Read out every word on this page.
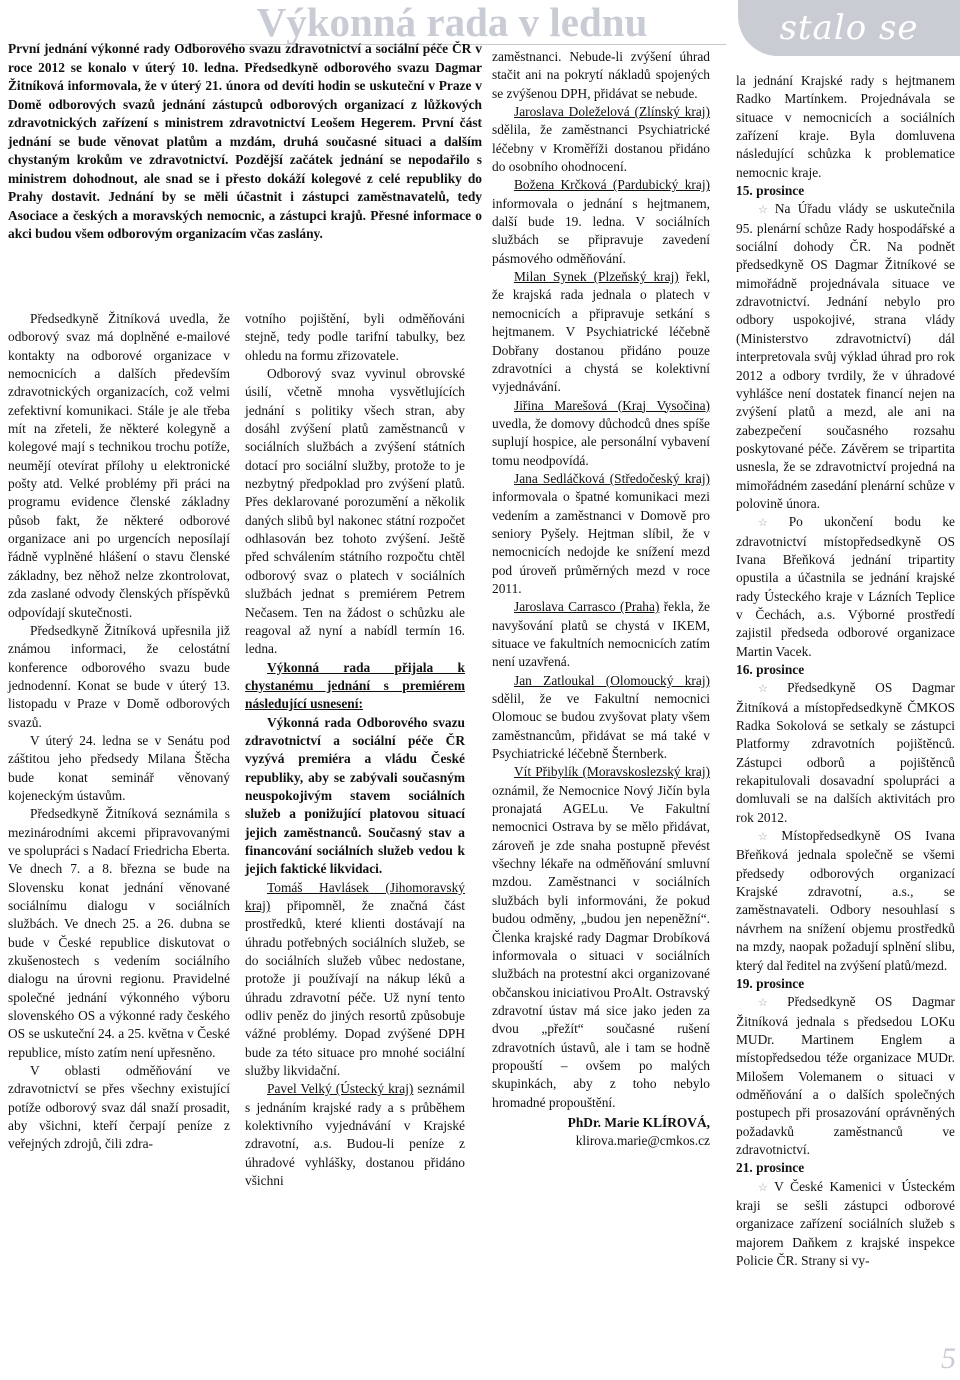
Výkonná rada v lednu

První jednání výkonné rady Odborového svazu zdravotnictví a sociální péče ČR v roce 2012 se konalo v úterý 10. ledna. Předsedkyně odborového svazu Dagmar Žitníková informovala, že v úterý 21. února od devíti hodin se uskuteční v Praze v Domě odborových svazů jednání zástupců odborových organizací z lůžkových zdravotnických zařízení s ministrem zdravotnictví Leošem Hegerem. První část jednání se bude věnovat platům a mzdám, druhá současné situaci a dalším chystaným krokům ve zdravotnictví. Pozdější začátek jednání se nepodařilo s ministrem dohodnout, ale snad se i přesto dokáží kolegové z celé republiky do Prahy dostavit. Jednání by se měli účastnit i zástupci zaměstnavatelů, tedy Asociace a českých a moravských nemocnic, a zástupci krajů. Přesné informace o akci budou všem odborovým organizacím včas zaslány.

Předsedkyně Žitníková uvedla, že odborový svaz má doplněné e-mailové kontakty na odborové organizace v nemocnicích a dalších především zdravotnických organizacích, což velmi zefektivní komunikaci. Stále je ale třeba mít na zřeteli, že některé kolegyně a kolegové mají s technikou trochu potíže, neumějí otevírat přílohy u elektronické pošty atd. Velké problémy při práci na programu evidence členské základny působ fakt, že některé odborové organizace ani po urgencích neposílají řádně vyplněné hlášení o stavu členské základny, bez něhož nelze zkontrolovat, zda zaslané odvody členských příspěvků odpovídají skutečnosti.

Předsedkyně Žitníková upřesnila již známou informaci, že celostátní konference odborového svazu bude jednodenní. Konat se bude v úterý 13. listopadu v Praze v Domě odborových svazů.

V úterý 24. ledna se v Senátu pod záštitou jeho předsedy Milana Štěcha bude konat seminář věnovaný kojeneckým ústavům.

Předsedkyně Žitníková seznámila s mezinárodními akcemi připravovanými ve spolupráci s Nadací Friedricha Eberta. Ve dnech 7. a 8. března se bude na Slovensku konat jednání věnované sociálnímu dialogu v sociálních službách. Ve dnech 25. a 26. dubna se bude v České republice diskutovat o zkušenostech s vedením sociálního dialogu na úrovni regionu. Pravidelné společné jednání výkonného výboru slovenského OS a výkonné rady českého OS se uskuteční 24. a 25. května v České republice, místo zatím není upřesněno.

V oblasti odměňování ve zdravotnictví se přes všechny existující potíže odborový svaz dál snaží prosadit, aby všichni, kteří čerpají peníze z veřejných zdrojů, čili zdra-

votního pojištění, byli odměňováni stejně, tedy podle tarifní tabulky, bez ohledu na formu zřizovatele.

Odborový svaz vyvinul obrovské úsilí, včetně mnoha vysvětlujících jednání s politiky všech stran, aby dosáhl zvýšení platů zaměstnanců v sociálních službách a zvýšení státních dotací pro sociální služby, protože to je nezbytný předpoklad pro zvýšení platů. Přes deklarované porozumění a několik daných slibů byl nakonec státní rozpočet odhlasován bez tohoto zvýšení. Ještě před schválením státního rozpočtu chtěl odborový svaz o platech v sociálních službách jednat s premiérem Petrem Nečasem. Ten na žádost o schůzku ale reagoval až nyní a nabídl termín 16. ledna.

Výkonná rada přijala k chystanému jednání s premiérem následující usnesení:

Výkonná rada Odborového svazu zdravotnictví a sociální péče ČR vyzývá premiéra a vládu České republiky, aby se zabývali současným neuspokojivým stavem sociálních služeb a ponižující platovou situací jejich zaměstnanců. Současný stav a financování sociálních služeb vedou k jejich faktické likvidaci.

Tomáš Havlásek (Jihomoravský kraj) připomněl, že značná část prostředků, které klienti dostávají na úhradu potřebných sociálních služeb, se do sociálních služeb vůbec nedostane, protože ji používají na nákup léků a úhradu zdravotní péče. Už nyní tento odliv peněz do jiných resortů způsobuje vážné problémy. Dopad zvýšené DPH bude za této situace pro mnohé sociální služby likvidační.

Pavel Velký (Ústecký kraj) seznámil s jednáním krajské rady a s průběhem kolektivního vyjednávání v Krajské zdravotní, a.s. Budou-li peníze z úhradové vyhlášky, dostanou přidáno všichni

zaměstnanci. Nebude-li zvýšení úhrad stačit ani na pokrytí nákladů spojených se zvýšenou DPH, přidávat se nebude.

Jaroslava Doleželová (Zlínský kraj) sdělila, že zaměstnanci Psychiatrické léčebny v Kroměříži dostanou přidáno do osobního ohodnocení.

Božena Krčková (Pardubický kraj) informovala o jednání s hejtmanem, další bude 19. ledna. V sociálních službách se připravuje zavedení pásmového odměňování.

Milan Synek (Plzeňský kraj) řekl, že krajská rada jednala o platech v nemocnicích a připravuje setkání s hejtmanem. V Psychiatrické léčebně Dobřany dostanou přidáno pouze zdravotníci a chystá se kolektivní vyjednávání.

Jiřina Marešová (Kraj Vysočina) uvedla, že domovy důchodců dnes spíše suplují hospice, ale personální vybavení tomu neodpovídá.

Jana Sedláčková (Středočeský kraj) informovala o špatné komunikaci mezi vedením a zaměstnanci v Domově pro seniory Pyšely. Hejtman slíbil, že v nemocnicích nedojde ke snížení mezd pod úroveň průměrných mezd v roce 2011.

Jaroslava Carrasco (Praha) řekla, že navyšování platů se chystá v IKEM, situace ve fakultních nemocnicích zatím není uzavřená.

Jan Zatloukal (Olomoucký kraj) sdělil, že ve Fakultní nemocnici Olomouc se budou zvyšovat platy všem zaměstnancům, přidávat se má také v Psychiatrické léčebně Šternberk.

Vít Přibylík (Moravskoslezský kraj) oznámil, že Nemocnice Nový Jičín byla pronajatá AGELu. Ve Fakultní nemocnici Ostrava by se mělo přidávat, zároveň je zde snaha postupně převést všechny lékaře na odměňování smluvní mzdou. Zaměstnanci v sociálních službách byli informováni, že pokud budou odměny, „budou jen nepeněžní“. Členka krajské rady Dagmar Drobíková informovala o situaci v sociálních službách na protestní akci organizované občanskou iniciativou ProAlt. Ostravský zdravotní ústav má sice jako jeden za dvou „přežít“ současné rušení zdravotních ústavů, ale i tam se hodně propouští – ovšem po malých skupinkách, aby z toho nebylo hromadné propouštění.

PhDr. Marie KLÍROVÁ,

klirova.marie@cmkos.cz

stalo se

la jednání Krajské rady s hejtmanem Radko Martínkem. Projednávala se situace v nemocnicích a sociálních zařízení kraje. Byla domluvena následující schůzka k problematice nemocnic kraje.

15. prosince

☆ Na Úřadu vlády se uskutečnila 95. plenární schůze Rady hospodářské a sociální dohody ČR. Na podnět předsedkyně OS Dagmar Žitníkové se mimořádně projednávala situace ve zdravotnictví. Jednání nebylo pro odbory uspokojivé, strana vlády (Ministerstvo zdravotnictví) dál interpretovala svůj výklad úhrad pro rok 2012 a odbory tvrdily, že v úhradové vyhlášce není dostatek financí nejen na zvýšení platů a mezd, ale ani na zabezpečení současného rozsahu poskytované péče. Závěrem se tripartita usnesla, že se zdravotnictví projedná na mimořádném zasedání plenární schůze v polovině února.

☆ Po ukončení bodu ke zdravotnictví místopředsedkyně OS Ivana Břeňková jednání tripartity opustila a účastnila se jednání krajské rady Ústeckého kraje v Lázních Teplice v Čechách, a.s. Výborné prostředí zajistil předseda odborové organizace Martin Vacek.

16. prosince

☆ Předsedkyně OS Dagmar Žitníková a místopředsedkyně ČMKOS Radka Sokolová se setkaly se zástupci Platformy zdravotních pojištěnců. Zástupci odborů a pojištěnců rekapitulovali dosavadní spolupráci a domluvali se na dalších aktivitách pro rok 2012.

☆ Místopředsedkyně OS Ivana Břeňková jednala společně se všemi předsedy odborových organizací Krajské zdravotní, a.s., se zaměstnavateli. Odbory nesouhlasí s návrhem na snížení objemu prostředků na mzdy, naopak požadují splnění slibu, který dal ředitel na zvýšení platů/mezd.

19. prosince

☆ Předsedkyně OS Dagmar Žitníková jednala s předsedou LOKu MUDr. Martinem Englem a místopředsedou téže organizace MUDr. Milošem Volemanem o situaci v odměňování a o dalších společných postupech při prosazování oprávněných požadavků zaměstnanců ve zdravotnictví.

21. prosince

☆ V České Kamenici v Ústeckém kraji se sešli zástupci odborové organizace zařízení sociálních služeb s majorem Daňkem z krajské inspekce Policie ČR. Strany si vy-

5
